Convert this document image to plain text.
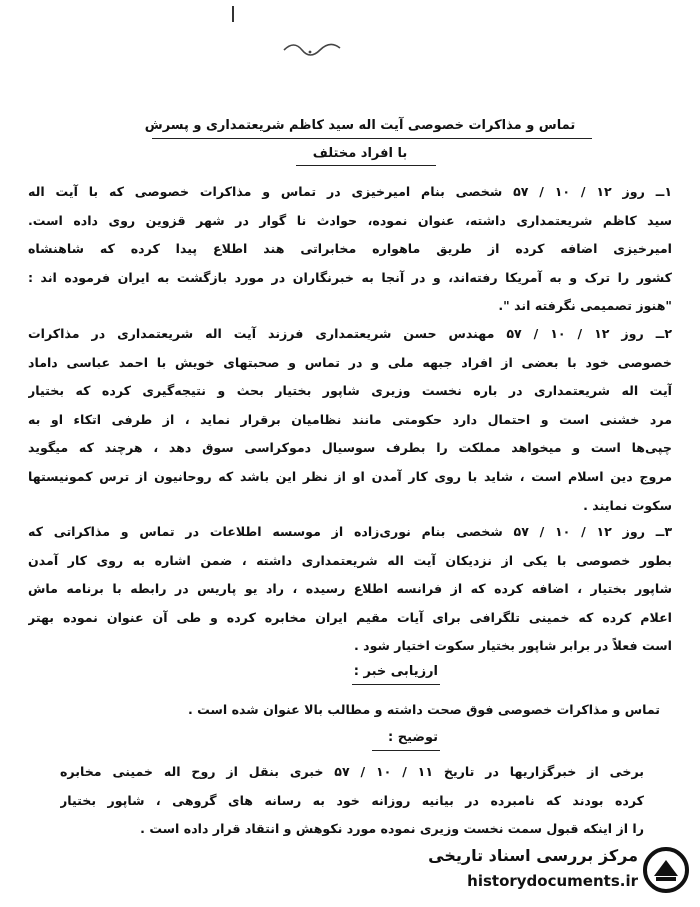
تماس و مذاکرات خصوصی آیت اله سید کاظم شریعتمداری و پسرش
با افراد مختلف
۱ــ روز ۱۲ / ۱۰ / ۵۷ شخصی بنام امیرخیزی در تماس و مذاکرات خصوصی که با آیت اله
سید کاظم شریعتمداری داشته، عنوان نموده، حوادث نا گوار در شهر قزوین روی داده است.
امیرخیزی اضافه کرده از طریق ماهواره مخابراتی هند اطلاع پیدا کرده که شاهنشاه
کشور را ترک و به آمریکا رفته‌اند، و در آنجا به خبرنگاران در مورد بازگشت به ایران فرموده اند :
"هنوز تصمیمی نگرفته اند ".
۲ــ روز ۱۲ / ۱۰ / ۵۷ مهندس حسن شریعتمداری فرزند آیت اله شریعتمداری در مذاکرات
خصوصی خود با بعضی از افراد جبهه ملی و در تماس و صحبتهای خویش با احمد عباسی داماد
آیت اله شریعتمداری در باره نخست وزیری شاپور بختیار بحث و نتیجه‌گیری کرده که بختیار
مرد خشنی است و احتمال دارد حکومتی مانند نظامیان برقرار نماید ، از طرفی اتکاء او به
چپی‌ها است و میخواهد مملکت را بطرف سوسیال دموکراسی سوق دهد ، هرچند که میگوید
مروج دین اسلام است ، شاید با روی کار آمدن او از نظر این باشد که روحانیون از ترس کمونیستها
سکوت نمایند .
۳ــ روز ۱۲ / ۱۰ / ۵۷ شخصی بنام نوری‌زاده از موسسه اطلاعات در تماس و مذاکراتی که
بطور خصوصی با یکی از نزدیکان آیت اله شریعتمداری داشته ، ضمن اشاره به روی کار آمدن
شاپور بختیار ، اضافه کرده که از فرانسه اطلاع رسیده ، راد یو پاریس در رابطه با برنامه ماش
اعلام کرده که خمینی تلگرافی برای آیات مقیم ایران مخابره کرده و طی آن عنوان نموده بهتر
است فعلاً در برابر شاپور بختیار سکوت اختیار شود .
ارزیابی خبر :
تماس و مذاکرات خصوصی فوق صحت داشته و مطالب بالا عنوان شده است .
توضیح :
برخی از خبرگزاریها در تاریخ ۱۱ / ۱۰ / ۵۷ خبری بنقل از روح اله خمینی مخابره
کرده بودند که نامبرده در بیانیه روزانه خود به رسانه های گروهی ، شاپور بختیار
را از اینکه قبول سمت نخست وزیری نموده مورد نکوهش و انتقاد قرار داده است .
مرکز بررسی اسناد تاریخی
historydocuments.ir
